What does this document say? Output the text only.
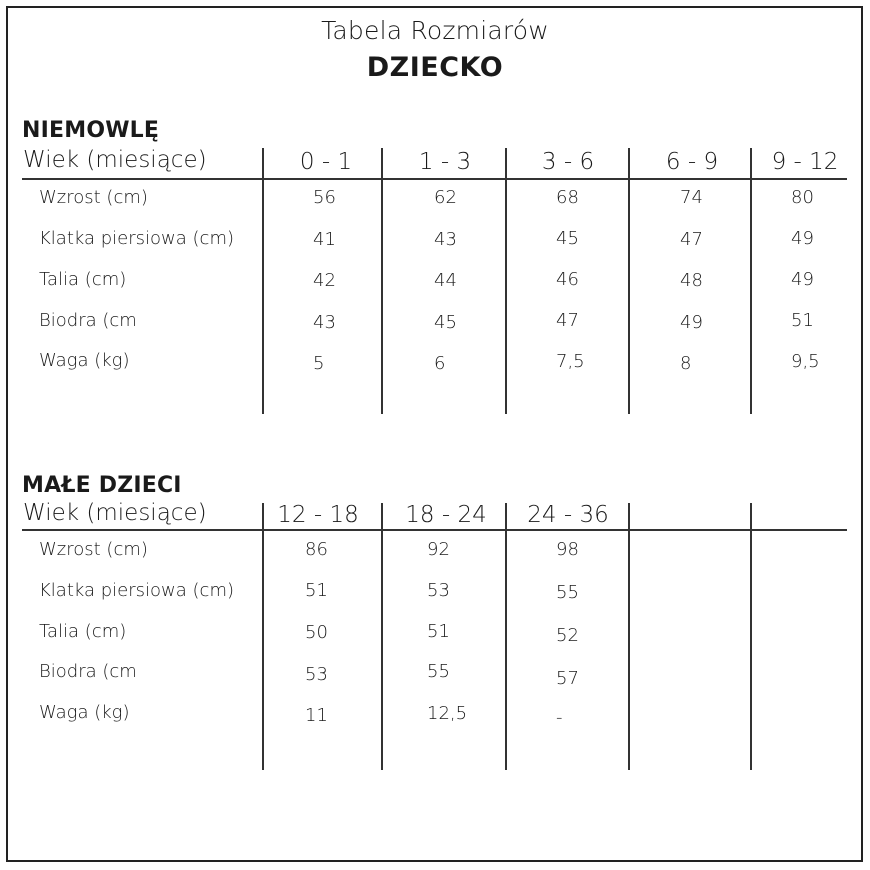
Tabela Rozmiarów
DZIECKO
NIEMOWLĘ
Wiek (miesiące)	0 - 1	1 - 3	3 - 6	6 - 9	9 - 12
Wzrost (cm)	56	62	68	74	80
Klatka piersiowa (cm)	41	43	45	47	49
Talia (cm)	42	44	46	48	49
Biodra (cm	43	45	47	49	51
Waga (kg)	5	6	7,5	8	9,5
MAŁE DZIECI
Wiek (miesiące)	12 - 18	18 - 24	24 - 36
Wzrost (cm)	86	92	98
Klatka piersiowa (cm)	51	53	55
Talia (cm)	50	51	52
Biodra (cm	53	55	57
Waga (kg)	11	12,5	-
